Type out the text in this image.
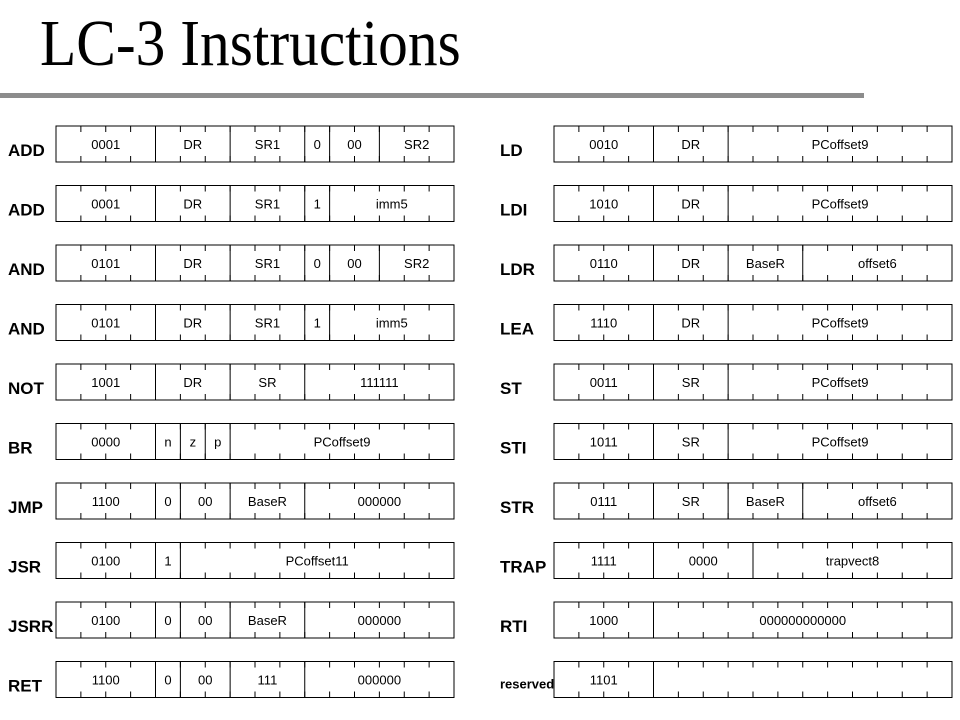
LC-3 Instructions
ADD	0001	DR	SR1	0 00	SR2
ADD	0001	DR	SR1	1	imm5
AND	0101	DR	SR1	0 00	SR2
AND	0101	DR	SR1	1	imm5
NOT	1001	DR	SR	111111
BR	0000	n z p	PCoffset9
JMP	1100	0 00	BaseR	000000
JSR	0100	1	PCoffset11
JSRR	0100	0 00	BaseR	000000
RET	1100	0 00	111	000000
LD	0010	DR	PCoffset9
LDI	1010	DR	PCoffset9
LDR	0110	DR	BaseR	offset6
LEA	1110	DR	PCoffset9
ST	0011	SR	PCoffset9
STI	1011	SR	PCoffset9
STR	0111	SR	BaseR	offset6
TRAP	1111	0000	trapvect8
RTI	1000	000000000000
reserved	1101
